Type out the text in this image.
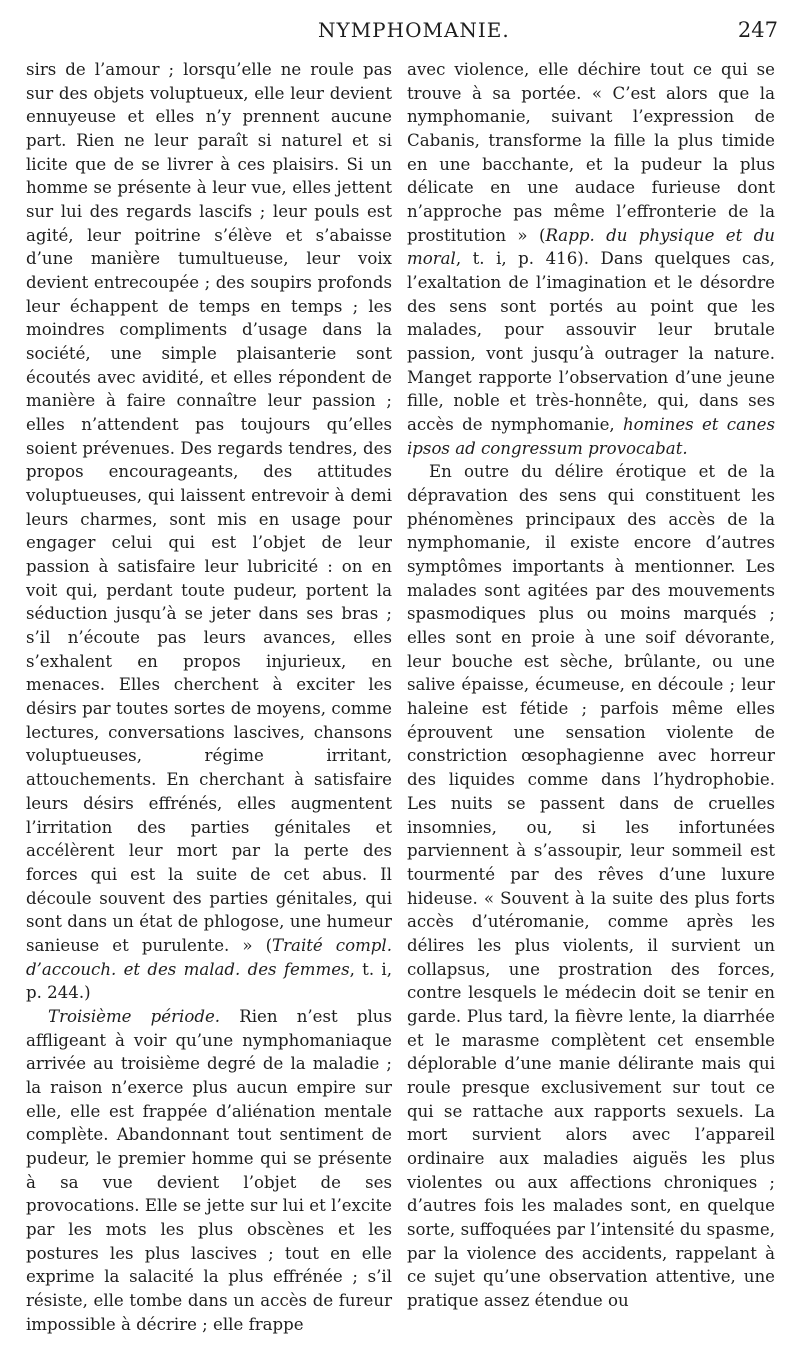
NYMPHOMANIE.	247

sirs de l’amour ; lorsqu’elle ne roule pas sur des objets voluptueux, elle leur devient ennuyeuse et elles n’y prennent aucune part. Rien ne leur paraît si naturel et si licite que de se livrer à ces plaisirs. Si un homme se présente à leur vue, elles jettent sur lui des regards lascifs ; leur pouls est agité, leur poitrine s’élève et s’abaisse d’une manière tumultueuse, leur voix devient entrecoupée ; des soupirs profonds leur échappent de temps en temps ; les moindres compliments d’usage dans la société, une simple plaisanterie sont écoutés avec avidité, et elles répondent de manière à faire connaître leur passion ; elles n’attendent pas toujours qu’elles soient prévenues. Des regards tendres, des propos encourageants, des attitudes voluptueuses, qui laissent entrevoir à demi leurs charmes, sont mis en usage pour engager celui qui est l’objet de leur passion à satisfaire leur lubricité : on en voit qui, perdant toute pudeur, portent la séduction jusqu’à se jeter dans ses bras ; s’il n’écoute pas leurs avances, elles s’exhalent en propos injurieux, en menaces. Elles cherchent à exciter les désirs par toutes sortes de moyens, comme lectures, conversations lascives, chansons voluptueuses, régime irritant, attouchements. En cherchant à satisfaire leurs désirs effrénés, elles augmentent l’irritation des parties génitales et accélèrent leur mort par la perte des forces qui est la suite de cet abus. Il découle souvent des parties génitales, qui sont dans un état de phlogose, une humeur sanieuse et purulente. » (Traité compl. d’accouch. et des malad. des femmes, t. i, p. 244.)

Troisième période. Rien n’est plus affligeant à voir qu’une nymphomaniaque arrivée au troisième degré de la maladie ; la raison n’exerce plus aucun empire sur elle, elle est frappée d’aliénation mentale complète. Abandonnant tout sentiment de pudeur, le premier homme qui se présente à sa vue devient l’objet de ses provocations. Elle se jette sur lui et l’excite par les mots les plus obscènes et les postures les plus lascives ; tout en elle exprime la salacité la plus effrénée ; s’il résiste, elle tombe dans un accès de fureur impossible à décrire ; elle frappe

avec violence, elle déchire tout ce qui se trouve à sa portée. « C’est alors que la nymphomanie, suivant l’expression de Cabanis, transforme la fille la plus timide en une bacchante, et la pudeur la plus délicate en une audace furieuse dont n’approche pas même l’effronterie de la prostitution » (Rapp. du physique et du moral, t. i, p. 416). Dans quelques cas, l’exaltation de l’imagination et le désordre des sens sont portés au point que les malades, pour assouvir leur brutale passion, vont jusqu’à outrager la nature. Manget rapporte l’observation d’une jeune fille, noble et très-honnête, qui, dans ses accès de nymphomanie, homines et canes ipsos ad congressum provocabat.

En outre du délire érotique et de la dépravation des sens qui constituent les phénomènes principaux des accès de la nymphomanie, il existe encore d’autres symptômes importants à mentionner. Les malades sont agitées par des mouvements spasmodiques plus ou moins marqués ; elles sont en proie à une soif dévorante, leur bouche est sèche, brûlante, ou une salive épaisse, écumeuse, en découle ; leur haleine est fétide ; parfois même elles éprouvent une sensation violente de constriction œsophagienne avec horreur des liquides comme dans l’hydrophobie. Les nuits se passent dans de cruelles insomnies, ou, si les infortunées parviennent à s’assoupir, leur sommeil est tourmenté par des rêves d’une luxure hideuse. « Souvent à la suite des plus forts accès d’utéromanie, comme après les délires les plus violents, il survient un collapsus, une prostration des forces, contre lesquels le médecin doit se tenir en garde. Plus tard, la fièvre lente, la diarrhée et le marasme complètent cet ensemble déplorable d’une manie délirante mais qui roule presque exclusivement sur tout ce qui se rattache aux rapports sexuels. La mort survient alors avec l’appareil ordinaire aux maladies aiguës les plus violentes ou aux affections chroniques ; d’autres fois les malades sont, en quelque sorte, suffoquées par l’intensité du spasme, par la violence des accidents, rappelant à ce sujet qu’une observation attentive, une pratique assez étendue ou
